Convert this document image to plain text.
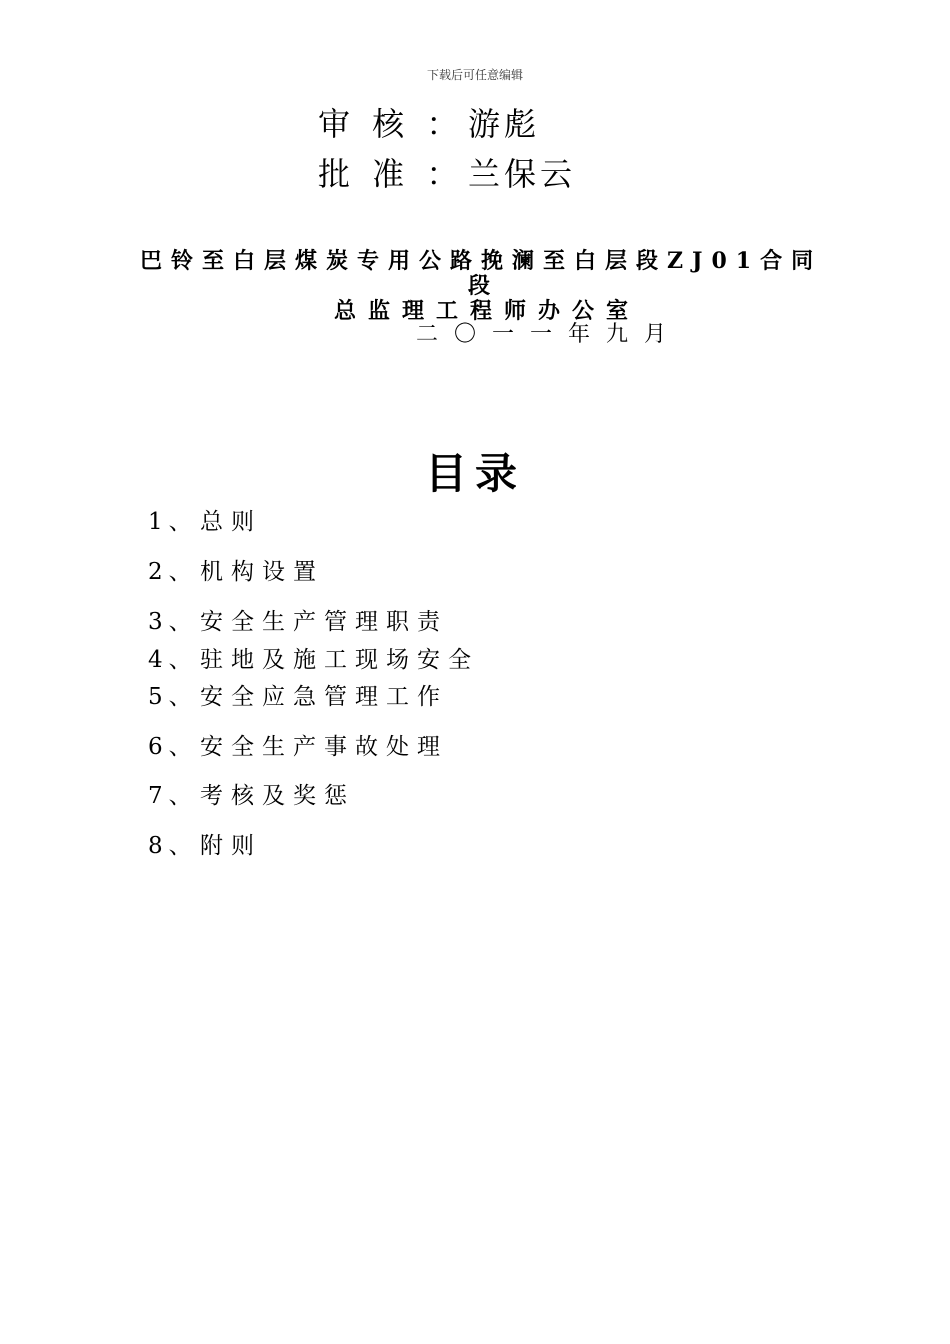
下载后可任意编辑
审 核 ： 游彪
批 准 ： 兰保云
巴铃至白层煤炭专用公路挽澜至白层段ZJ01合同
段
总监理工程师办公室
二〇一一年九月
目录
1、 总则
2、 机构设置
3、 安全生产管理职责
4、 驻地及施工现场安全
5、 安全应急管理工作
6、 安全生产事故处理
7、 考核及奖惩
8、 附则
